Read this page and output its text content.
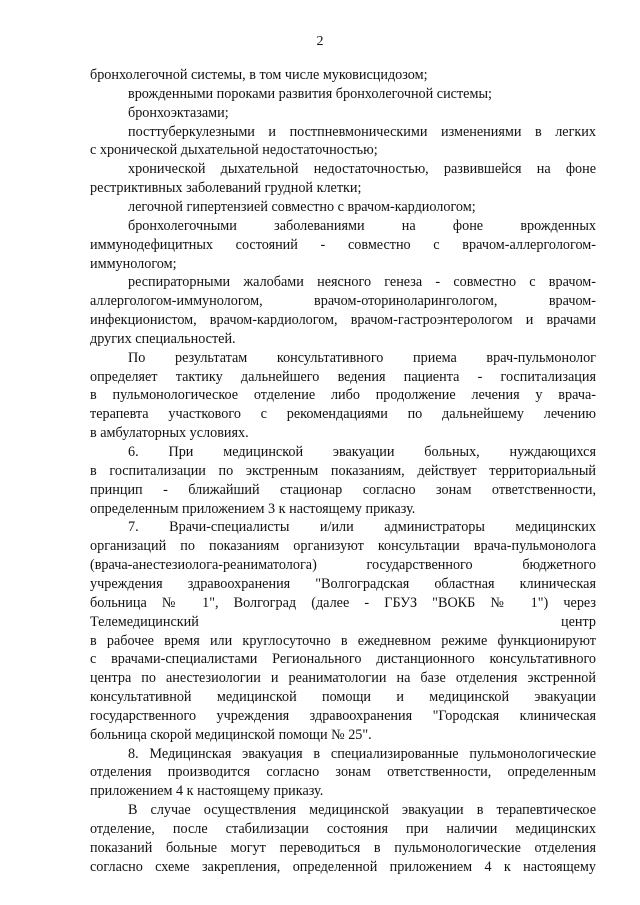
2
бронхолегочной системы, в том числе муковисцидозом;
врожденными пороками развития бронхолегочной системы;
бронхоэктазами;
посттуберкулезными и постпневмоническими изменениями в легких
с хронической дыхательной недостаточностью;
хронической дыхательной недостаточностью, развившейся на фоне
рестриктивных заболеваний грудной клетки;
легочной гипертензией совместно с врачом-кардиологом;
бронхолегочными заболеваниями на фоне врожденных
иммунодефицитных состояний - совместно с врачом-аллергологом-
иммунологом;
респираторными жалобами неясного генеза - совместно с врачом-
аллергологом-иммунологом, врачом-оториноларингологом, врачом-
инфекционистом, врачом-кардиологом, врачом-гастроэнтерологом и врачами
других специальностей.
По результатам консультативного приема врач-пульмонолог
определяет тактику дальнейшего ведения пациента - госпитализация
в пульмонологическое отделение либо продолжение лечения у врача-
терапевта участкового с рекомендациями по дальнейшему лечению
в амбулаторных условиях.
6. При медицинской эвакуации больных, нуждающихся
в госпитализации по экстренным показаниям, действует территориальный
принцип - ближайший стационар согласно зонам ответственности,
определенным приложением 3 к настоящему приказу.
7. Врачи-специалисты и/или администраторы медицинских
организаций по показаниям организуют консультации врача-пульмонолога
(врача-анестезиолога-реаниматолога) государственного бюджетного
учреждения здравоохранения "Волгоградская областная клиническая
больница № 1", Волгоград (далее - ГБУЗ "ВОКБ № 1") через
Телемедицинский центр
в рабочее время или круглосуточно в ежедневном режиме функционируют
с врачами-специалистами Регионального дистанционного консультативного
центра по анестезиологии и реаниматологии на базе отделения экстренной
консультативной медицинской помощи и медицинской эвакуации
государственного учреждения здравоохранения "Городская клиническая
больница скорой медицинской помощи № 25".
8. Медицинская эвакуация в специализированные пульмонологические
отделения производится согласно зонам ответственности, определенным
приложением 4 к настоящему приказу.
В случае осуществления медицинской эвакуации в терапевтическое
отделение, после стабилизации состояния при наличии медицинских
показаний больные могут переводиться в пульмонологические отделения
согласно схеме закрепления, определенной приложением 4 к настоящему
